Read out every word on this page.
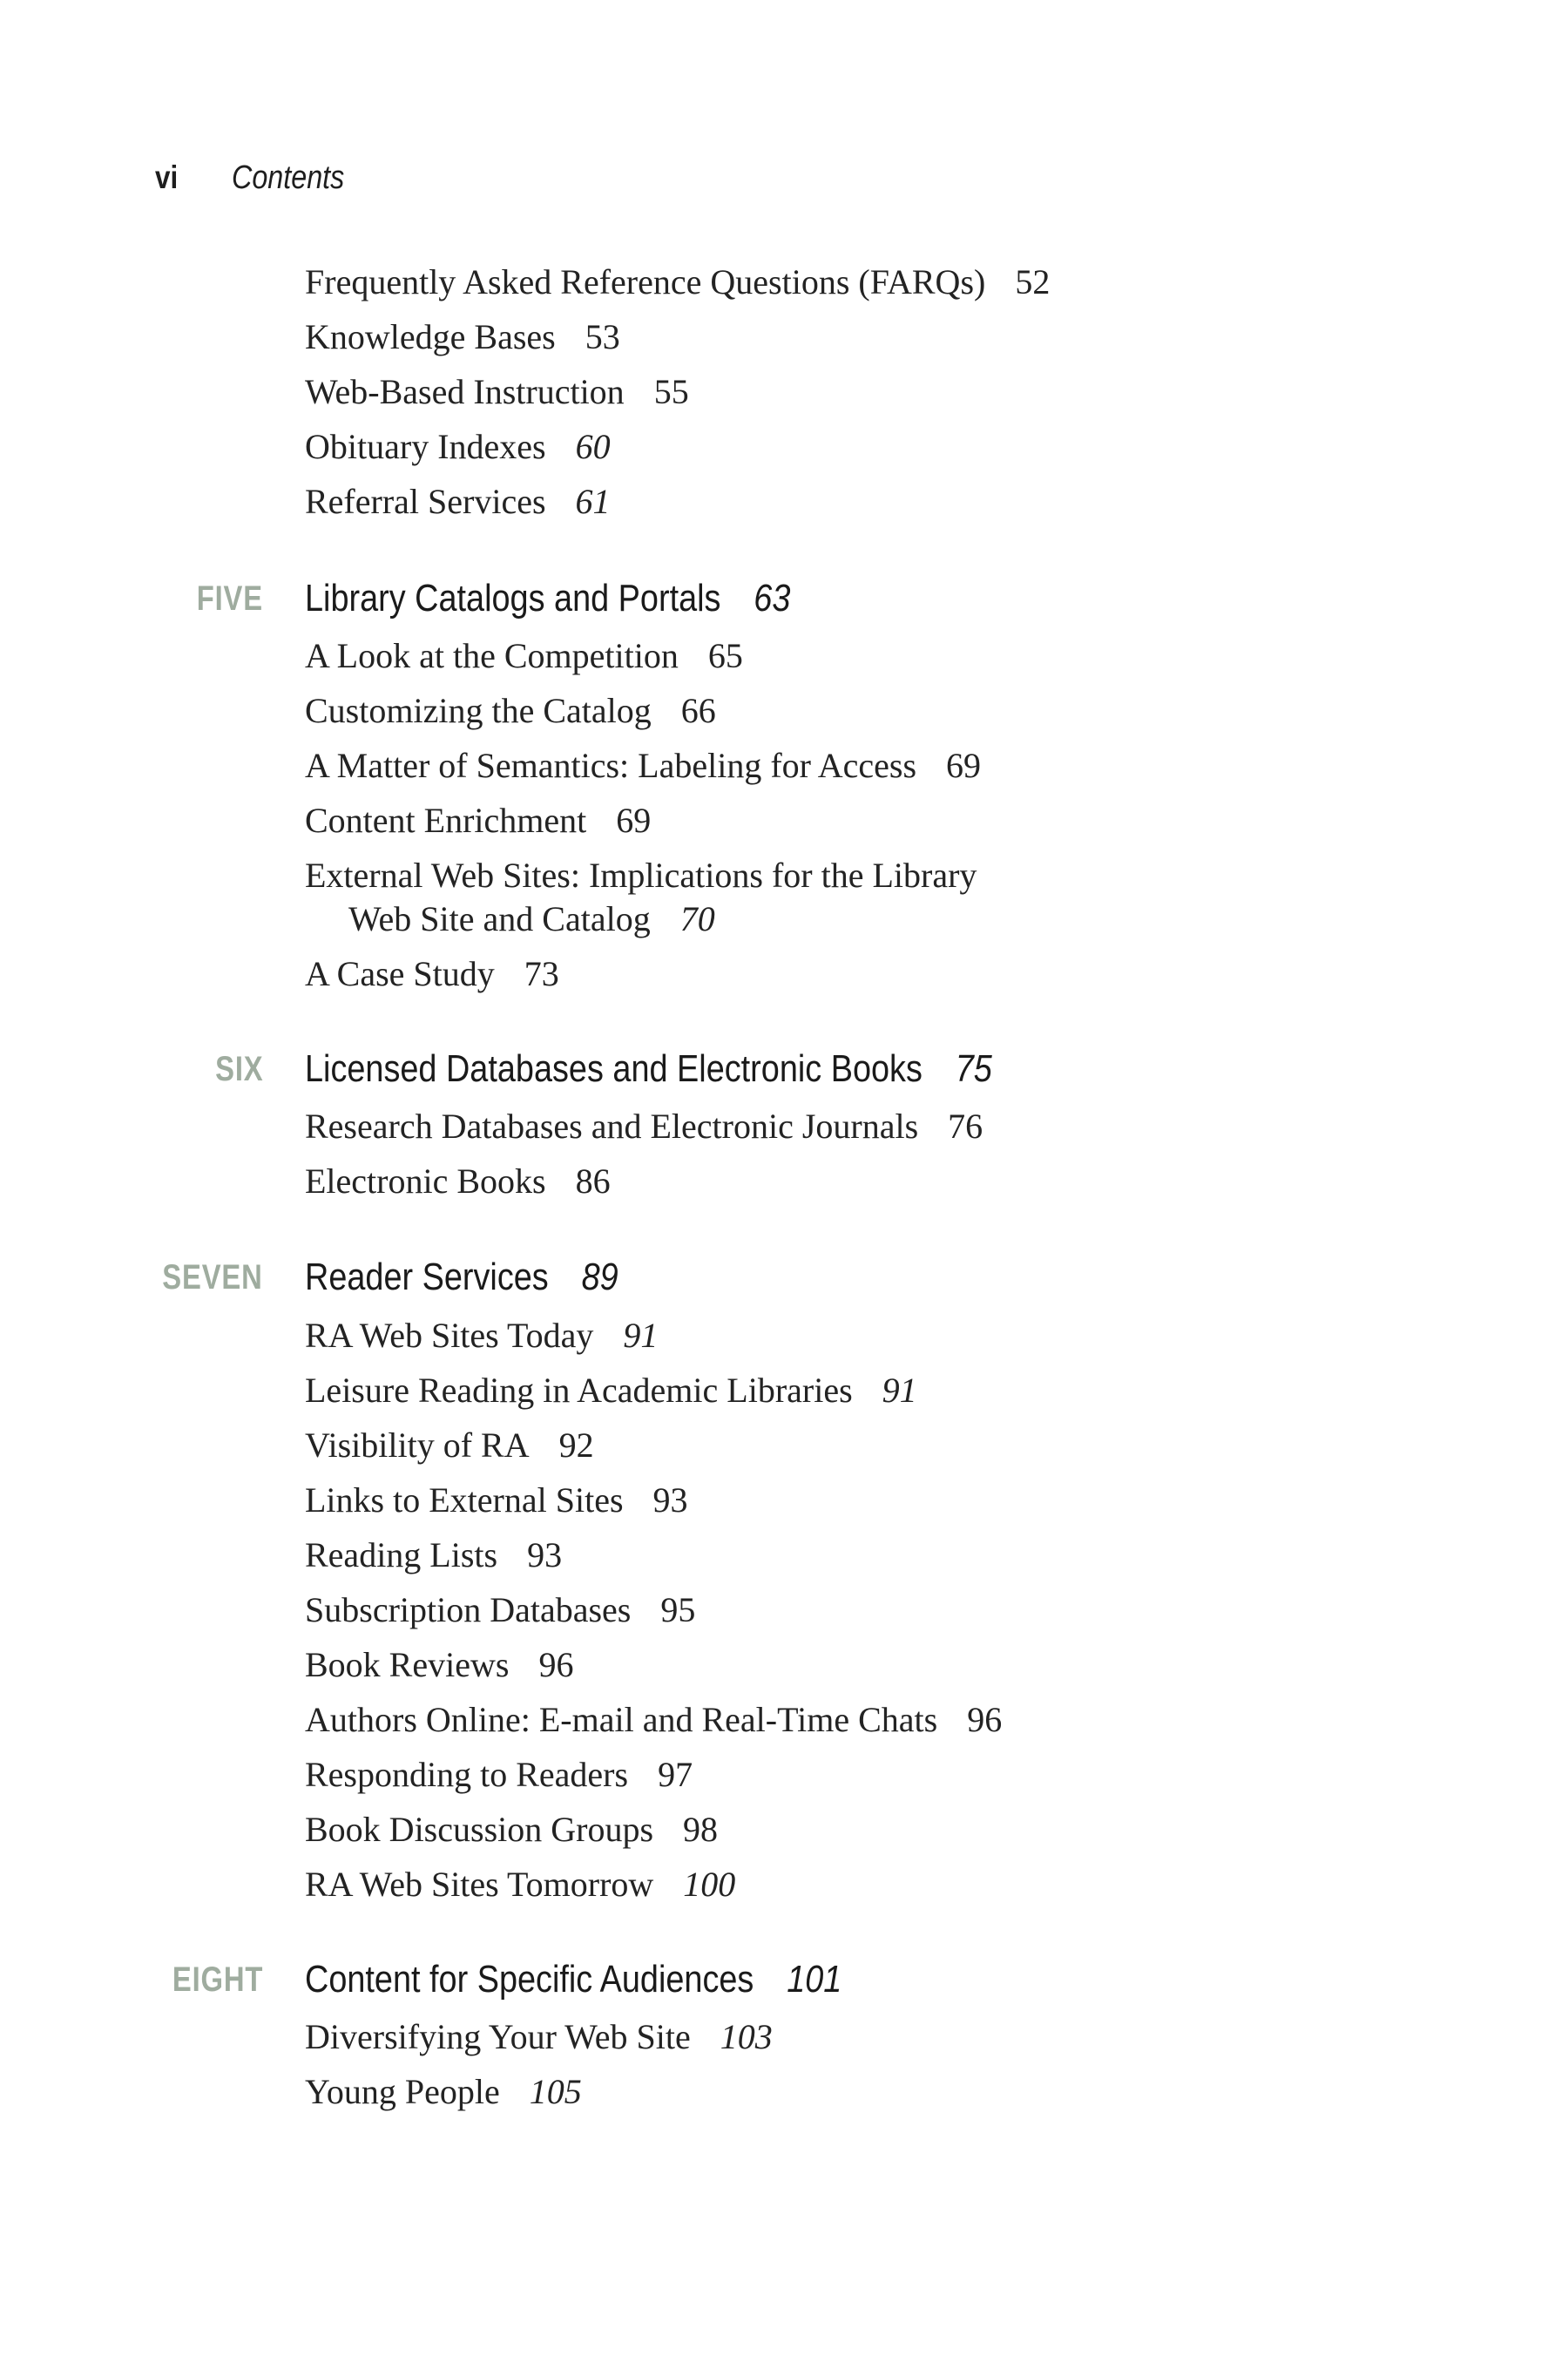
vi	Contents
Frequently Asked Reference Questions (FARQs) 52
Knowledge Bases 53
Web-Based Instruction 55
Obituary Indexes 60
Referral Services 61
FIVE Library Catalogs and Portals 63
A Look at the Competition 65
Customizing the Catalog 66
A Matter of Semantics: Labeling for Access 69
Content Enrichment 69
External Web Sites: Implications for the Library
Web Site and Catalog 70
A Case Study 73
SIX Licensed Databases and Electronic Books 75
Research Databases and Electronic Journals 76
Electronic Books 86
SEVEN Reader Services 89
RA Web Sites Today 91
Leisure Reading in Academic Libraries 91
Visibility of RA 92
Links to External Sites 93
Reading Lists 93
Subscription Databases 95
Book Reviews 96
Authors Online: E-mail and Real-Time Chats 96
Responding to Readers 97
Book Discussion Groups 98
RA Web Sites Tomorrow 100
EIGHT Content for Specific Audiences 101
Diversifying Your Web Site 103
Young People 105
